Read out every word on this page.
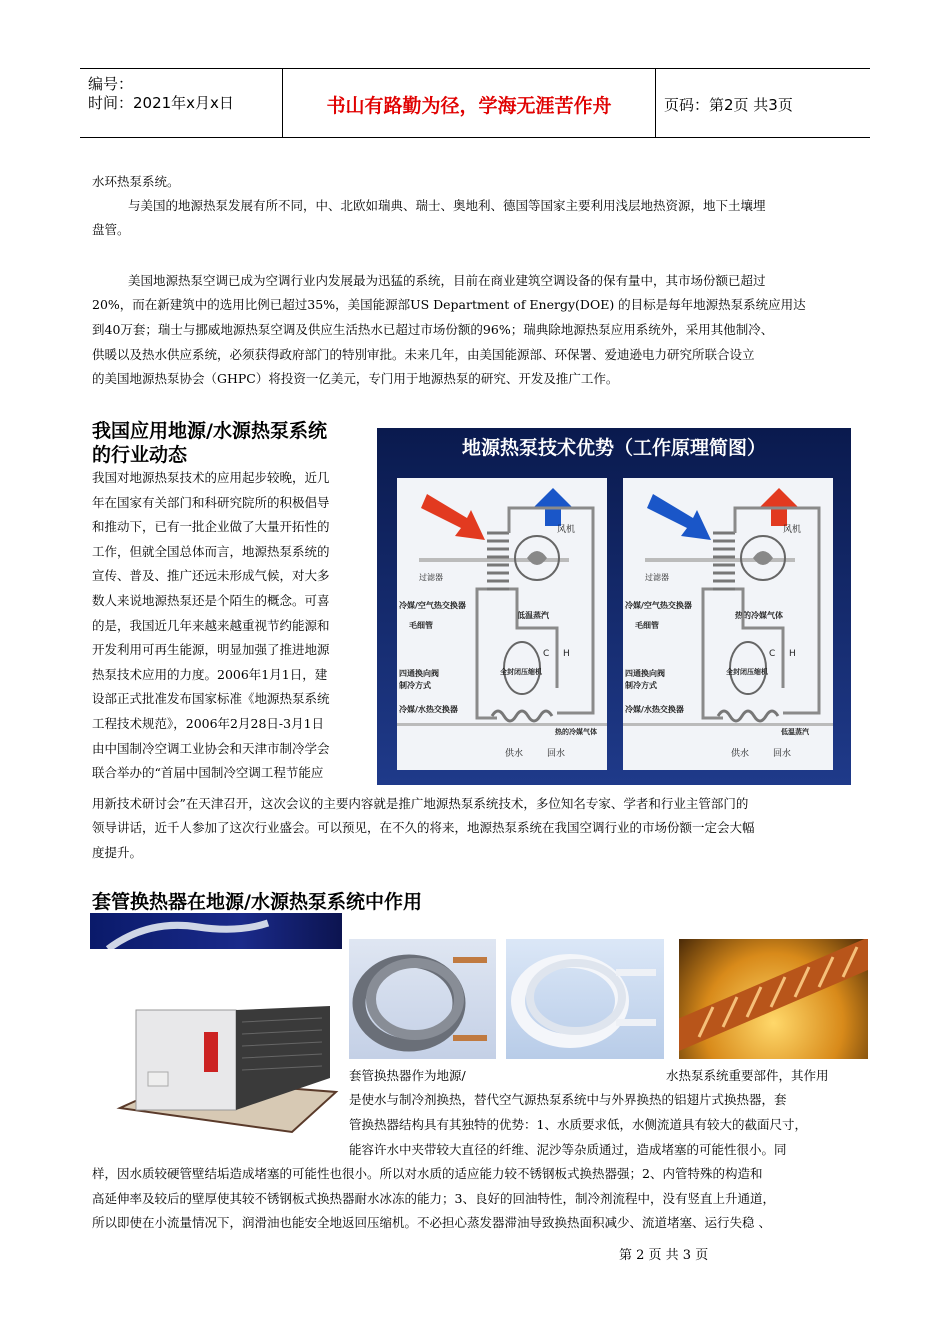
编号：
时间：2021年x月x日	书山有路勤为径，学海无涯苦作舟	页码：第2页 共3页
水环热泵系统。
与美国的地源热泵发展有所不同，中、北欧如瑞典、瑞士、奥地利、德国等国家主要利用浅层地热资源，地下土壤埋
盘管。
美国地源热泵空调已成为空调行业内发展最为迅猛的系统，目前在商业建筑空调设备的保有量中，其市场份额已超过
20%，而在新建筑中的选用比例已超过35%，美国能源部US Department of Energy(DOE) 的目标是每年地源热泵系统应用达
到40万套；瑞士与挪威地源热泵空调及供应生活热水已超过市场份额的96%；瑞典除地源热泵应用系统外，采用其他制冷、
供暖以及热水供应系统，必须获得政府部门的特別审批。未来几年，由美国能源部、环保署、爱迪逊电力研究所联合设立
的美国地源热泵协会（GHPC）将投资一亿美元，专门用于地源热泵的研究、开发及推广工作。
我国应用地源/水源热泵系统
的行业动态
我国对地源热泵技术的应用起步较晚，近几
年在国家有关部门和科研究院所的积极倡导
和推动下，已有一批企业做了大量开拓性的
工作，但就全国总体而言，地源热泵系统的
宣传、普及、推广还远未形成气候，对大多
数人来说地源热泵还是个陌生的概念。可喜
的是，我国近几年来越来越重视节约能源和
开发利用可再生能源，明显加强了推进地源
热泵技术应用的力度。2006年1月1日，建
设部正式批准发布国家标准《地源热泵系统
工程技术规范》，2006年2月28日-3月1日
由中国制冷空调工业协会和天津市制冷学会
联合举办的“首届中国制冷空调工程节能应
地源热泵技术优势（工作原理简图）
风机
过滤器
冷媒/空气热交换器
毛细管
低温蒸汽
全封闭压缩机
C H
四通换向阀
制冷方式
冷媒/水热交换器
热的冷媒气体
供水	回水
风机
过滤器
冷媒/空气热交换器
毛细管
热的冷媒气体
全封闭压缩机
C H
四通换向阀
制冷方式
冷媒/水热交换器
低温蒸汽
供水	回水
用新技术研讨会”在天津召开，这次会议的主要内容就是推广地源热泵系统技术，多位知名专家、学者和行业主管部门的
领导讲话，近千人参加了这次行业盛会。可以预见，在不久的将来，地源热泵系统在我国空调行业的市场份额一定会大幅
度提升。
套管换热器在地源/水源热泵系统中作用
套管换热器作为地源/	水热泵系统重要部件，其作用
是使水与制冷剂换热，替代空气源热泵系统中与外界换热的铝翅片式换热器，套
管换热器结构具有其独特的优势：1、水质要求低，水侧流道具有较大的截面尺寸，
能容许水中夹带较大直径的纤维、泥沙等杂质通过，造成堵塞的可能性很小。同
样，因水质较硬管壁结垢造成堵塞的可能性也很小。所以对水质的适应能力较不锈钢板式换热器强；2、内管特殊的构造和
高延伸率及较后的壁厚使其较不锈钢板式换热器耐水冰冻的能力；3、良好的回油特性，制冷剂流程中，没有竖直上升通道，
所以即使在小流量情况下，润滑油也能安全地返回压缩机。不必担心蒸发器滞油导致换热面积减少、流道堵塞、运行失稳 、
第 2 页 共 3 页
